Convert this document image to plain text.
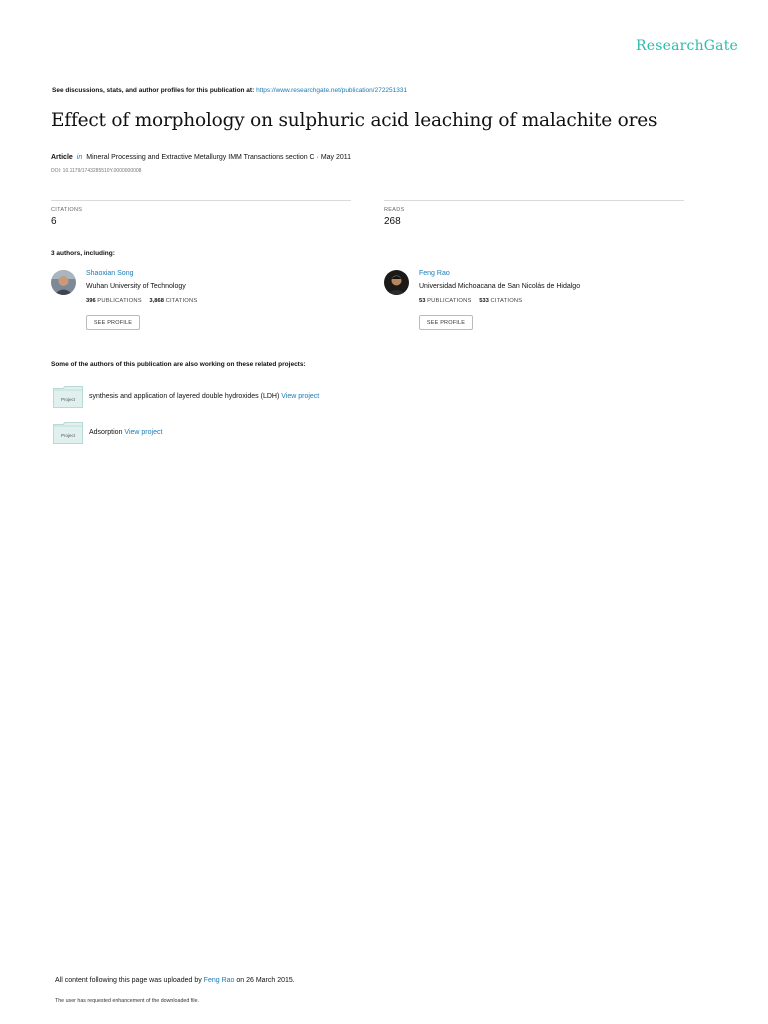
ResearchGate
See discussions, stats, and author profiles for this publication at: https://www.researchgate.net/publication/272251331
Effect of morphology on sulphuric acid leaching of malachite ores
Article in Mineral Processing and Extractive Metallurgy IMM Transactions section C · May 2011
DOI: 10.1179/1743285510Y.0000000008
CITATIONS
6
READS
268
3 authors, including:
Shaoxian Song
Wuhan University of Technology
396 PUBLICATIONS 3,868 CITATIONS
SEE PROFILE
Feng Rao
Universidad Michoacana de San Nicolás de Hidalgo
53 PUBLICATIONS 533 CITATIONS
SEE PROFILE
Some of the authors of this publication are also working on these related projects:
Project synthesis and application of layered double hydroxides (LDH) View project
Project Adsorption View project
All content following this page was uploaded by Feng Rao on 26 March 2015.
The user has requested enhancement of the downloaded file.
